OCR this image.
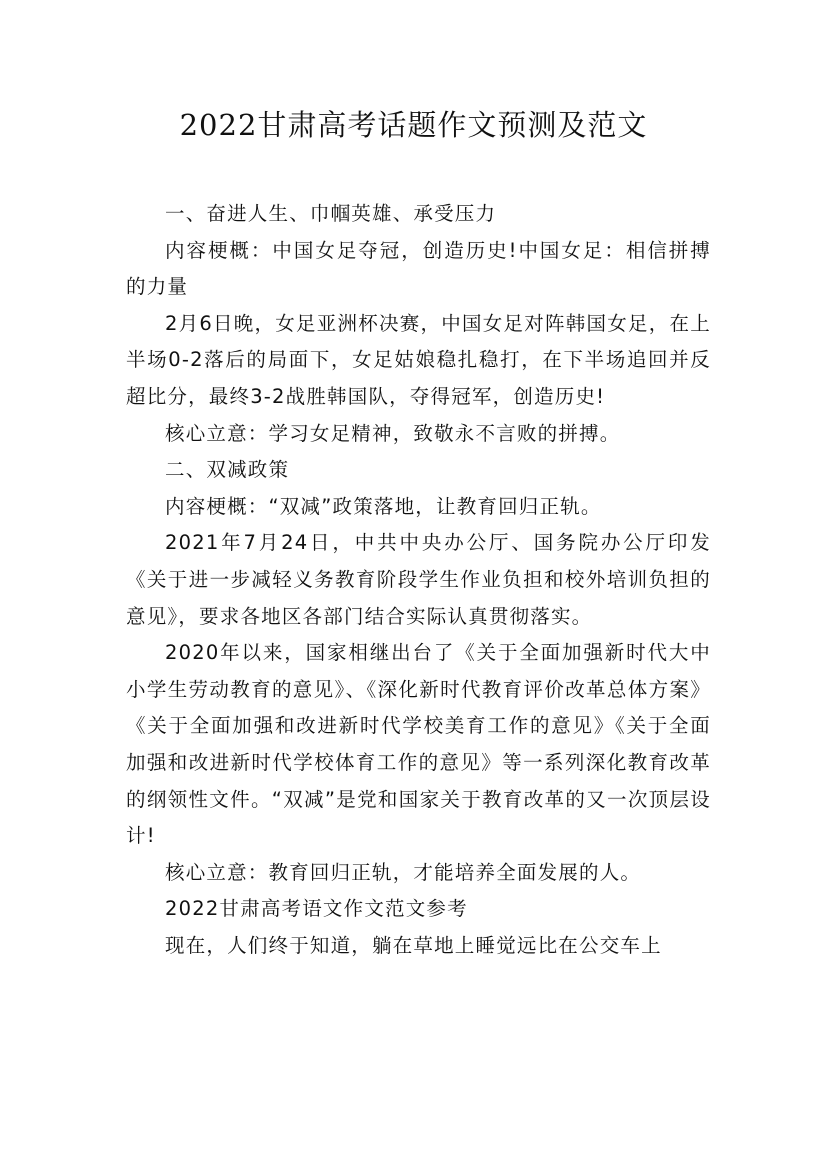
2022甘肃高考话题作文预测及范文

一、奋进人生、巾帼英雄、承受压力

内容梗概：中国女足夺冠，创造历史!中国女足：相信拼搏的力量

2月6日晚，女足亚洲杯决赛，中国女足对阵韩国女足，在上半场0-2落后的局面下，女足姑娘稳扎稳打，在下半场追回并反超比分，最终3-2战胜韩国队，夺得冠军，创造历史!

核心立意：学习女足精神，致敬永不言败的拼搏。

二、双减政策

内容梗概：“双减”政策落地，让教育回归正轨。

2021年7月24日，中共中央办公厅、国务院办公厅印发《关于进一步减轻义务教育阶段学生作业负担和校外培训负担的意见》，要求各地区各部门结合实际认真贯彻落实。

2020年以来，国家相继出台了《关于全面加强新时代大中小学生劳动教育的意见》、《深化新时代教育评价改革总体方案》《关于全面加强和改进新时代学校美育工作的意见》《关于全面加强和改进新时代学校体育工作的意见》等一系列深化教育改革的纲领性文件。“双减”是党和国家关于教育改革的又一次顶层设计!

核心立意：教育回归正轨，才能培养全面发展的人。

2022甘肃高考语文作文范文参考

现在，人们终于知道，躺在草地上睡觉远比在公交车上
